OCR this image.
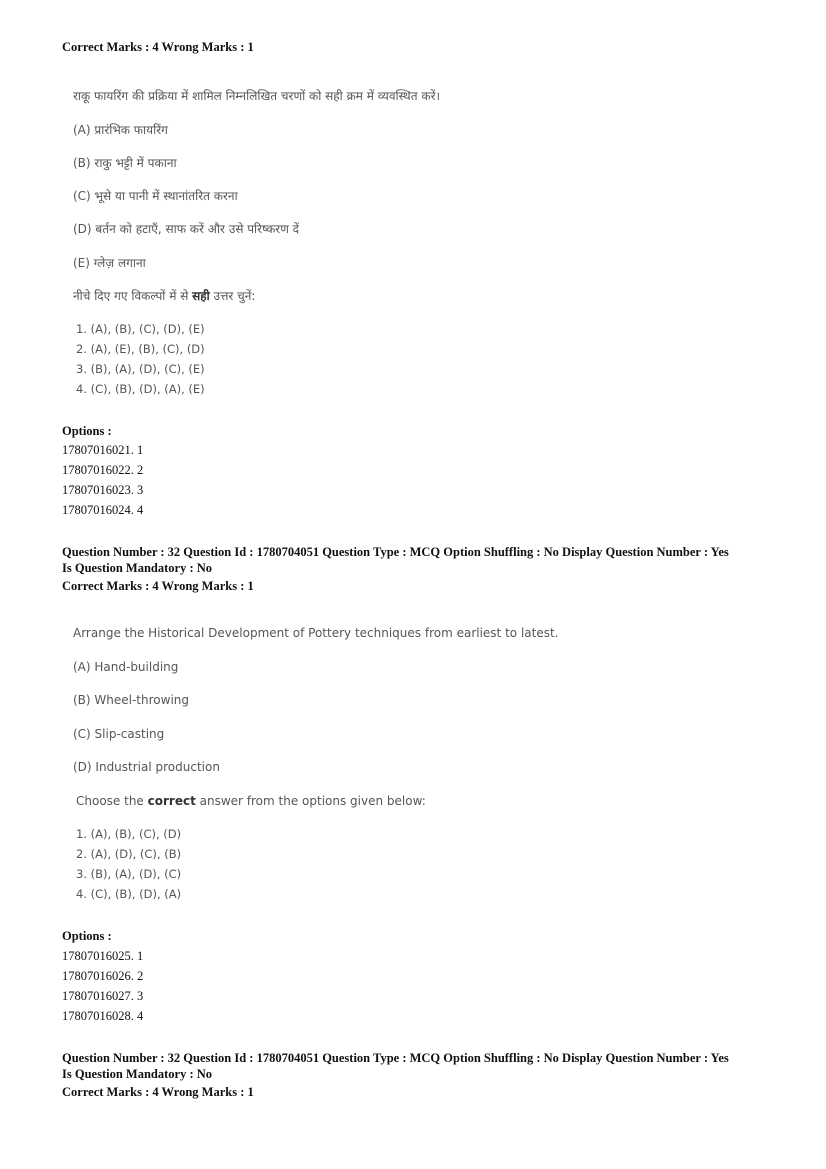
Correct Marks : 4 Wrong Marks : 1
राकू फायरिंग की प्रक्रिया में शामिल निम्नलिखित चरणों को सही क्रम में व्यवस्थित करें।
(A) प्रारंभिक फायरिंग
(B) राकु भट्टी में पकाना
(C) भूसे या पानी में स्थानांतरित करना
(D) बर्तन को हटाएँ, साफ करें और उसे परिष्करण दें
(E) ग्लेज़ लगाना
नीचे दिए गए विकल्पों में से सही उत्तर चुनें:
1. (A), (B), (C), (D), (E)
2. (A), (E), (B), (C), (D)
3. (B), (A), (D), (C), (E)
4. (C), (B), (D), (A), (E)
Options :
17807016021. 1
17807016022. 2
17807016023. 3
17807016024. 4
Question Number : 32 Question Id : 1780704051 Question Type : MCQ Option Shuffling : No Display Question Number : Yes
Is Question Mandatory : No
Correct Marks : 4 Wrong Marks : 1
Arrange the Historical Development of Pottery techniques from earliest to latest.
(A) Hand-building
(B) Wheel-throwing
(C) Slip-casting
(D) Industrial production
Choose the correct answer from the options given below:
1. (A), (B), (C), (D)
2. (A), (D), (C), (B)
3. (B), (A), (D), (C)
4. (C), (B), (D), (A)
Options :
17807016025. 1
17807016026. 2
17807016027. 3
17807016028. 4
Question Number : 32 Question Id : 1780704051 Question Type : MCQ Option Shuffling : No Display Question Number : Yes
Is Question Mandatory : No
Correct Marks : 4 Wrong Marks : 1
